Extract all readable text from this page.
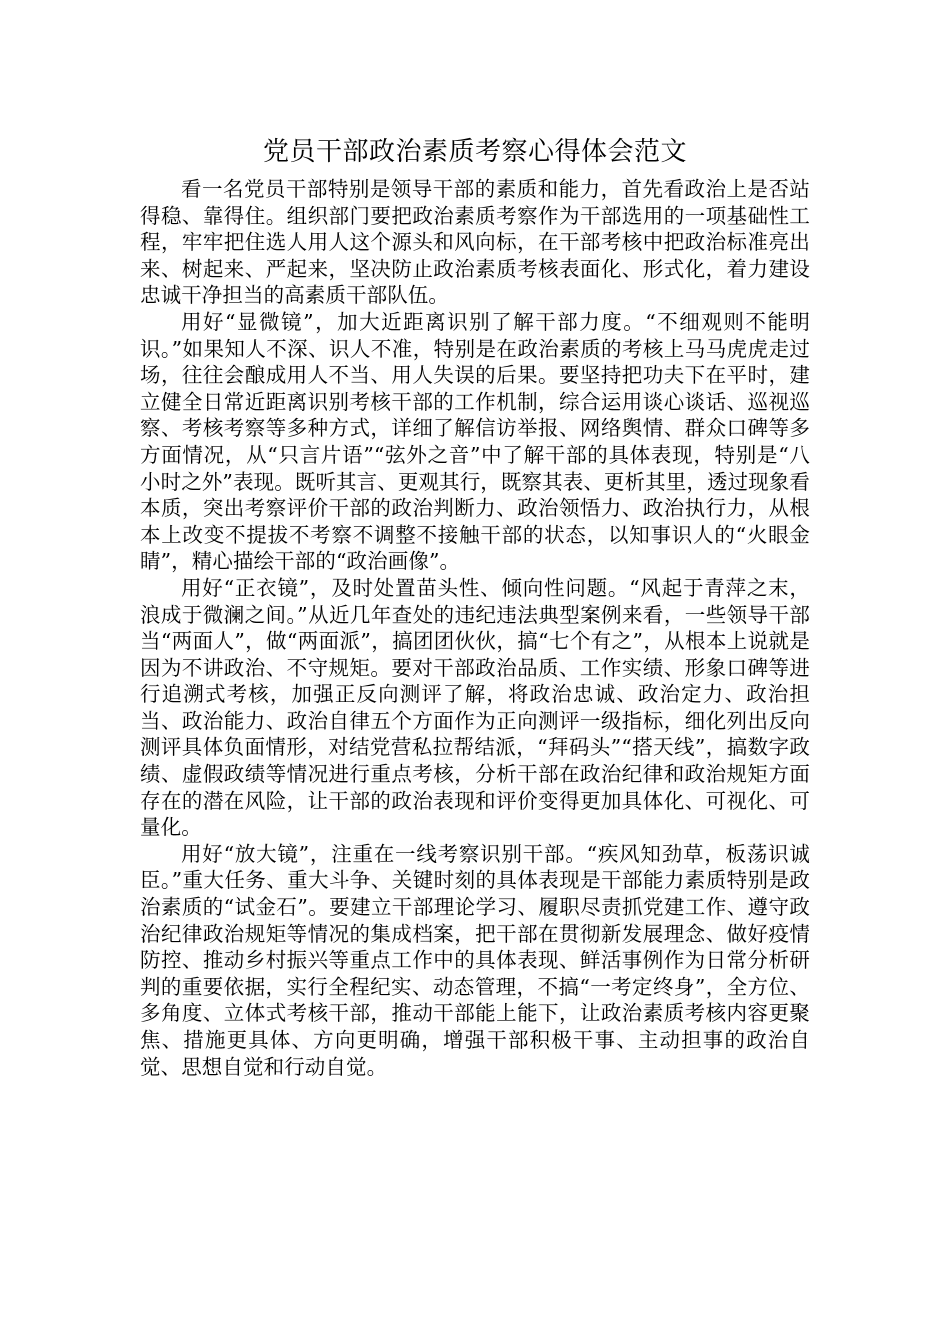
党员干部政治素质考察心得体会范文

看一名党员干部特别是领导干部的素质和能力，首先看政治上是否站得稳、靠得住。组织部门要把政治素质考察作为干部选用的一项基础性工程，牢牢把住选人用人这个源头和风向标，在干部考核中把政治标准亮出来、树起来、严起来，坚决防止政治素质考核表面化、形式化，着力建设忠诚干净担当的高素质干部队伍。

用好“显微镜”，加大近距离识别了解干部力度。“不细观则不能明识。”如果知人不深、识人不准，特别是在政治素质的考核上马马虎虎走过场，往往会酿成用人不当、用人失误的后果。要坚持把功夫下在平时，建立健全日常近距离识别考核干部的工作机制，综合运用谈心谈话、巡视巡察、考核考察等多种方式，详细了解信访举报、网络舆情、群众口碑等多方面情况，从“只言片语”“弦外之音”中了解干部的具体表现，特别是“八小时之外”表现。既听其言、更观其行，既察其表、更析其里，透过现象看本质，突出考察评价干部的政治判断力、政治领悟力、政治执行力，从根本上改变不提拔不考察不调整不接触干部的状态，以知事识人的“火眼金睛”，精心描绘干部的“政治画像”。

用好“正衣镜”，及时处置苗头性、倾向性问题。“风起于青萍之末，浪成于微澜之间。”从近几年查处的违纪违法典型案例来看，一些领导干部当“两面人”，做“两面派”，搞团团伙伙，搞“七个有之”，从根本上说就是因为不讲政治、不守规矩。要对干部政治品质、工作实绩、形象口碑等进行追溯式考核，加强正反向测评了解，将政治忠诚、政治定力、政治担当、政治能力、政治自律五个方面作为正向测评一级指标，细化列出反向测评具体负面情形，对结党营私拉帮结派，“拜码头”“搭天线”，搞数字政绩、虚假政绩等情况进行重点考核，分析干部在政治纪律和政治规矩方面存在的潜在风险，让干部的政治表现和评价变得更加具体化、可视化、可量化。

用好“放大镜”，注重在一线考察识别干部。“疾风知劲草，板荡识诚臣。”重大任务、重大斗争、关键时刻的具体表现是干部能力素质特别是政治素质的“试金石”。要建立干部理论学习、履职尽责抓党建工作、遵守政治纪律政治规矩等情况的集成档案，把干部在贯彻新发展理念、做好疫情防控、推动乡村振兴等重点工作中的具体表现、鲜活事例作为日常分析研判的重要依据，实行全程纪实、动态管理，不搞“一考定终身”，全方位、多角度、立体式考核干部，推动干部能上能下，让政治素质考核内容更聚焦、措施更具体、方向更明确，增强干部积极干事、主动担事的政治自觉、思想自觉和行动自觉。
